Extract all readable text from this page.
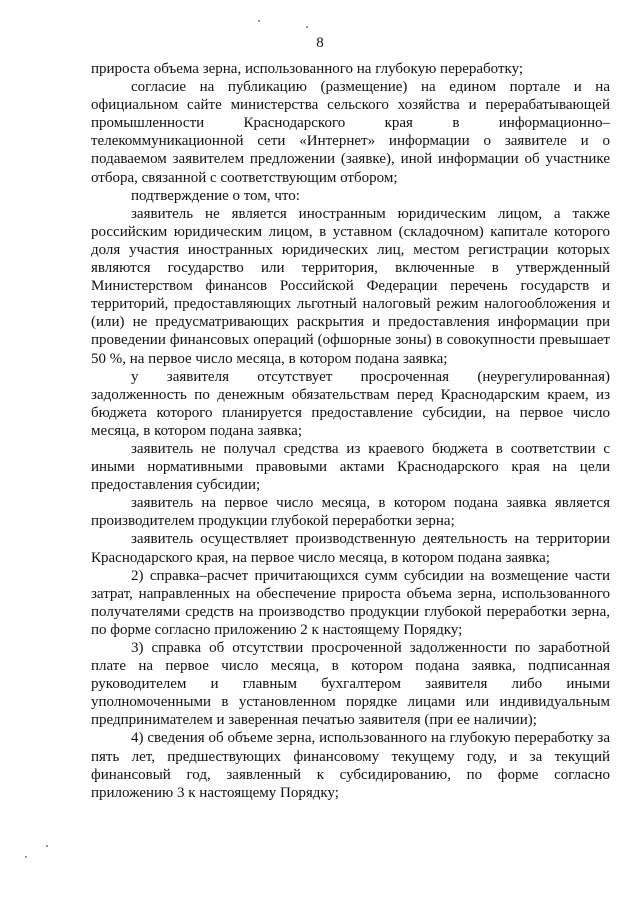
8

прироста объема зерна, использованного на глубокую переработку;

согласие на публикацию (размещение) на едином портале и на официальном сайте министерства сельского хозяйства и перерабатывающей промышленности Краснодарского края в информационно–телекоммуникационной сети «Интернет» информации о заявителе и о подаваемом заявителем предложении (заявке), иной информации об участнике отбора, связанной с соответствующим отбором;

подтверждение о том, что:

заявитель не является иностранным юридическим лицом, а также российским юридическим лицом, в уставном (складочном) капитале которого доля участия иностранных юридических лиц, местом регистрации которых являются государство или территория, включенные в утвержденный Министерством финансов Российской Федерации перечень государств и территорий, предоставляющих льготный налоговый режим налогообложения и (или) не предусматривающих раскрытия и предоставления информации при проведении финансовых операций (офшорные зоны) в совокупности превышает 50 %, на первое число месяца, в котором подана заявка;

у заявителя отсутствует просроченная (неурегулированная) задолженность по денежным обязательствам перед Краснодарским краем, из бюджета которого планируется предоставление субсидии, на первое число месяца, в котором подана заявка;

заявитель не получал средства из краевого бюджета в соответствии с иными нормативными правовыми актами Краснодарского края на цели предоставления субсидии;

заявитель на первое число месяца, в котором подана заявка является производителем продукции глубокой переработки зерна;

заявитель осуществляет производственную деятельность на территории Краснодарского края, на первое число месяца, в котором подана заявка;

2) справка–расчет причитающихся сумм субсидии на возмещение части затрат, направленных на обеспечение прироста объема зерна, использованного получателями средств на производство продукции глубокой переработки зерна, по форме согласно приложению 2 к настоящему Порядку;

3) справка об отсутствии просроченной задолженности по заработной плате на первое число месяца, в котором подана заявка, подписанная руководителем и главным бухгалтером заявителя либо иными уполномоченными в установленном порядке лицами или индивидуальным предпринимателем и заверенная печатью заявителя (при ее наличии);

4) сведения об объеме зерна, использованного на глубокую переработку за пять лет, предшествующих финансовому текущему году, и за текущий финансовый год, заявленный к субсидированию, по форме согласно приложению 3 к настоящему Порядку;
